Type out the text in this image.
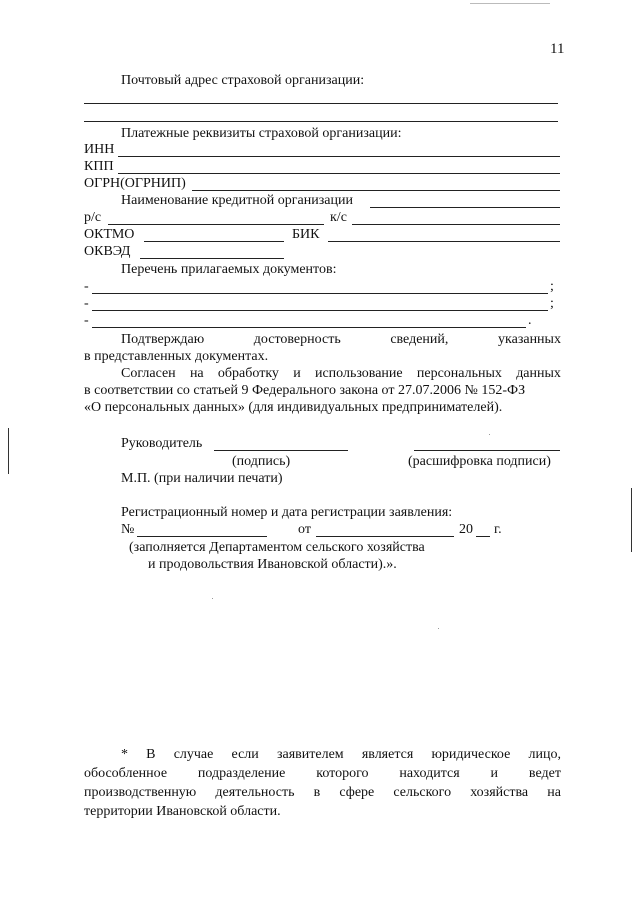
11
Почтовый адрес страховой организации:
Платежные реквизиты страховой организации:
ИНН
КПП
ОГРН(ОГРНИП)
Наименование кредитной организации
р/с	к/с
ОКТМО	БИК
ОКВЭД
Перечень прилагаемых документов:
-	;
-	;
-	.
Подтверждаю	достоверность	сведений,	указанных
в представленных документах.
Согласен на обработку и использование персональных данных
в соответствии со статьей 9 Федерального закона от 27.07.2006 № 152-ФЗ
«О персональных данных» (для индивидуальных предпринимателей).
Руководитель
(подпись)	(расшифровка подписи)
М.П. (при наличии печати)
Регистрационный номер и дата регистрации заявления:
№	от	20 г.
(заполняется Департаментом сельского хозяйства
и продовольствия Ивановской области).».
* В случае если заявителем является юридическое лицо,
обособленное подразделение которого находится и ведет
производственную деятельность в сфере сельского хозяйства на
территории Ивановской области.
